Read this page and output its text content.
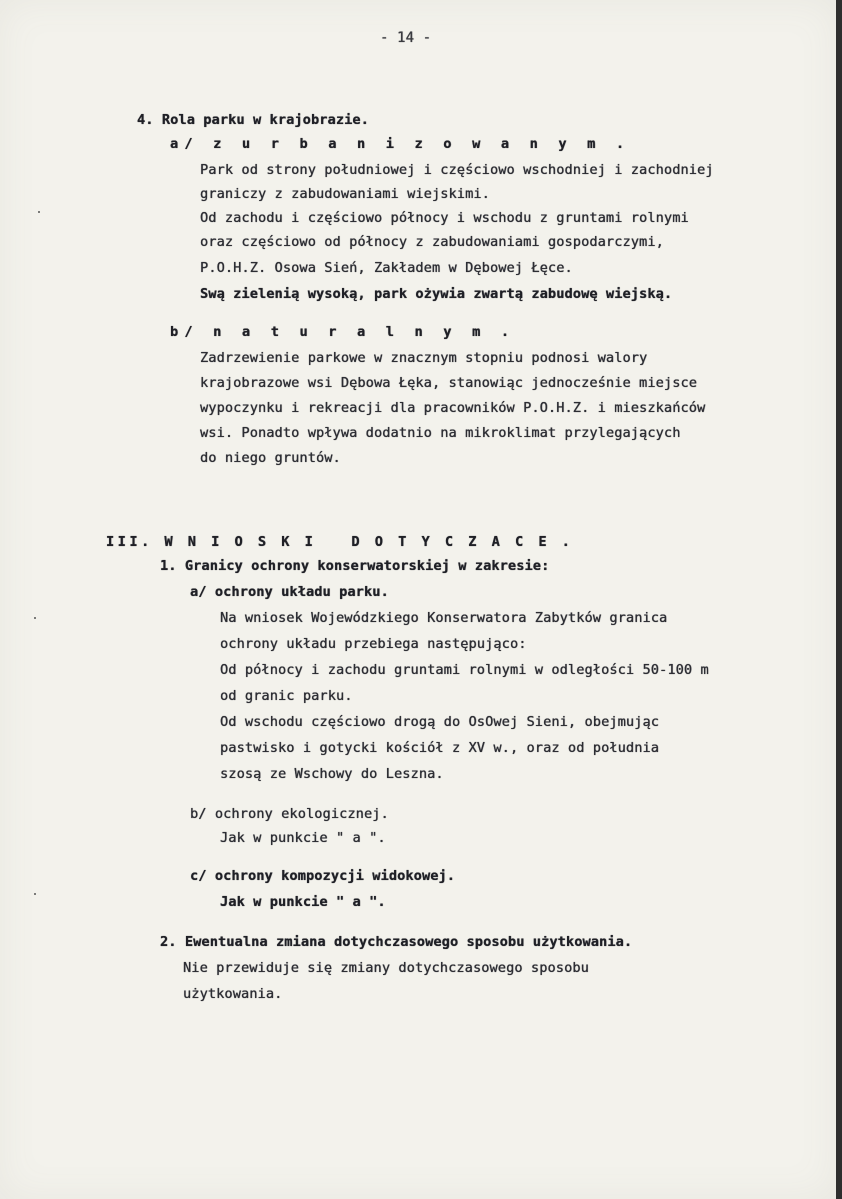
- 14 -
4. Rola parku w krajobrazie.
a/ z u r b a n i z o w a n y m .
Park od strony południowej i częściowo wschodniej i zachodniej
graniczy z zabudowaniami wiejskimi.
Od zachodu i częściowo północy i wschodu z gruntami rolnymi
oraz częściowo od północy z zabudowaniami gospodarczymi,
P.O.H.Z. Osowa Sień, Zakładem w Dębowej Łęce.
Swą zielenią wysoką, park ożywia zwartą zabudowę wiejską.
b/ n a t u r a l n y m .
Zadrzewienie parkowe w znacznym stopniu podnosi walory
krajobrazowe wsi Dębowa Łęka, stanowiąc jednocześnie miejsce
wypoczynku i rekreacji dla pracowników P.O.H.Z. i mieszkańców
wsi. Ponadto wpływa dodatnio na mikroklimat przylegających
do niego gruntów.
III. W N I O S K I   D O T Y C Z A C E .
1. Granicy ochrony konserwatorskiej w zakresie:
a/ ochrony układu parku.
Na wniosek Wojewódzkiego Konserwatora Zabytków granica
ochrony układu przebiega następująco:
Od północy i zachodu gruntami rolnymi w odległości 50-100 m
od granic parku.
Od wschodu częściowo drogą do OsOwej Sieni, obejmując
pastwisko i gotycki kościół z XV w., oraz od południa
szosą ze Wschowy do Leszna.
b/ ochrony ekologicznej.
Jak w punkcie " a ".
c/ ochrony kompozycji widokowej.
Jak w punkcie " a ".
2. Ewentualna zmiana dotychczasowego sposobu użytkowania.
Nie przewiduje się zmiany dotychczasowego sposobu
użytkowania.
